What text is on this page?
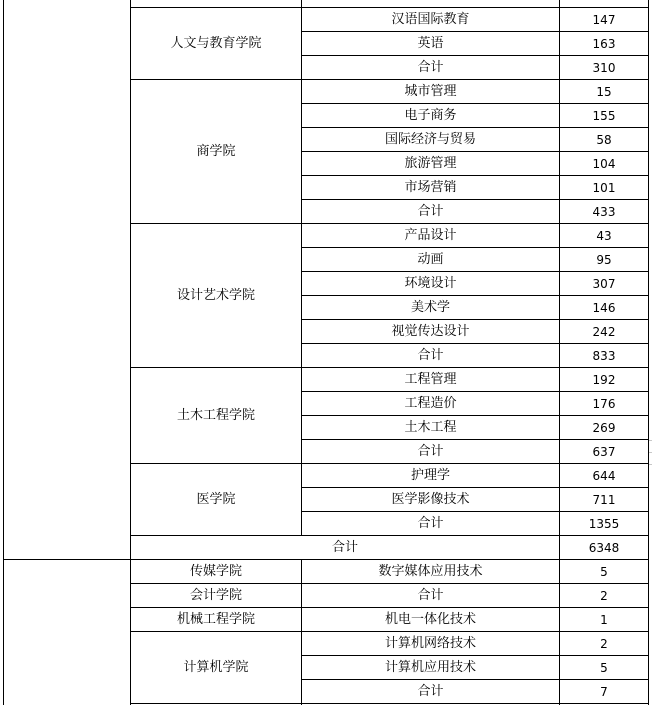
人文与教育学院
汉语国际教育	147
英语	163
合计	310
商学院
城市管理	15
电子商务	155
国际经济与贸易	58
旅游管理	104
市场营销	101
合计	433
设计艺术学院
产品设计	43
动画	95
环境设计	307
美术学	146
视觉传达设计	242
合计	833
土木工程学院
工程管理	192
工程造价	176
土木工程	269
合计	637
医学院
护理学	644
医学影像技术	711
合计	1355
合计	6348
传媒学院	数字媒体应用技术	5
会计学院	合计	2
机械工程学院	机电一体化技术	1
计算机学院
计算机网络技术	2
计算机应用技术	5
合计	7
